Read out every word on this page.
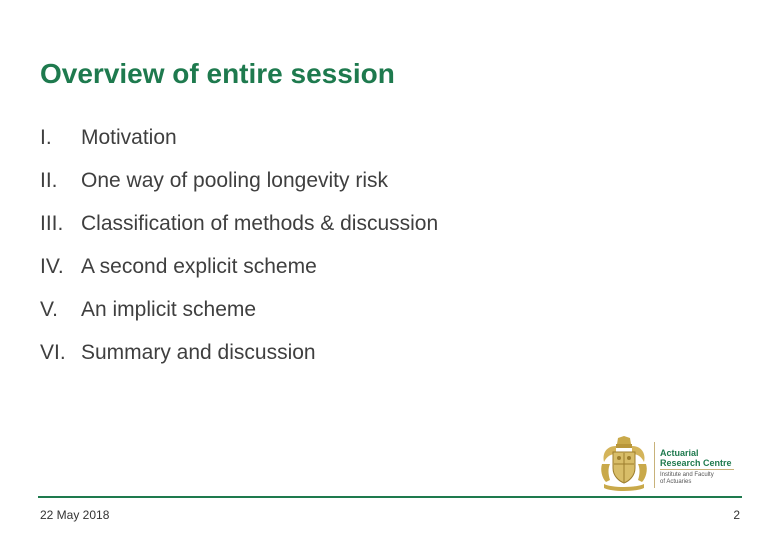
Overview of entire session
I. Motivation
II. One way of pooling longevity risk
III. Classification of methods & discussion
IV. A second explicit scheme
V. An implicit scheme
VI. Summary and discussion
Actuarial
Research Centre
Institute and Faculty
of Actuaries
22 May 2018	2
